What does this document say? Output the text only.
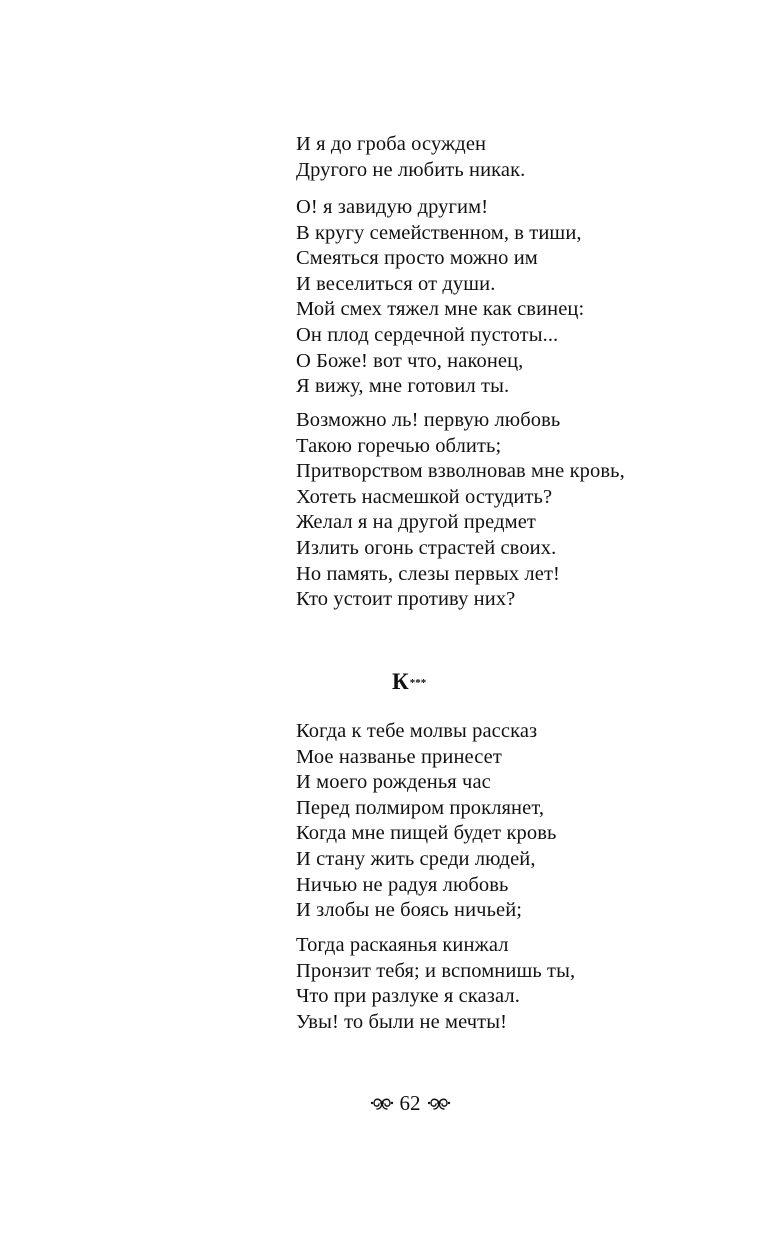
И я до гроба осужден
Другого не любить никак.
О! я завидую другим!
В кругу семейственном, в тиши,
Смеяться просто можно им
И веселиться от души.
Мой смех тяжел мне как свинец:
Он плод сердечной пустоты...
О Боже! вот что, наконец,
Я вижу, мне готовил ты.
Возможно ль! первую любовь
Такою горечью облить;
Притворством взволновав мне кровь,
Хотеть насмешкой остудить?
Желал я на другой предмет
Излить огонь страстей своих.
Но память, слезы первых лет!
Кто устоит противу них?
К***
Когда к тебе молвы рассказ
Мое названье принесет
И моего рожденья час
Перед полмиром проклянет,
Когда мне пищей будет кровь
И стану жить среди людей,
Ничью не радуя любовь
И злобы не боясь ничьей;
Тогда раскаянья кинжал
Пронзит тебя; и вспомнишь ты,
Что при разлуке я сказал.
Увы! то были не мечты!
62
